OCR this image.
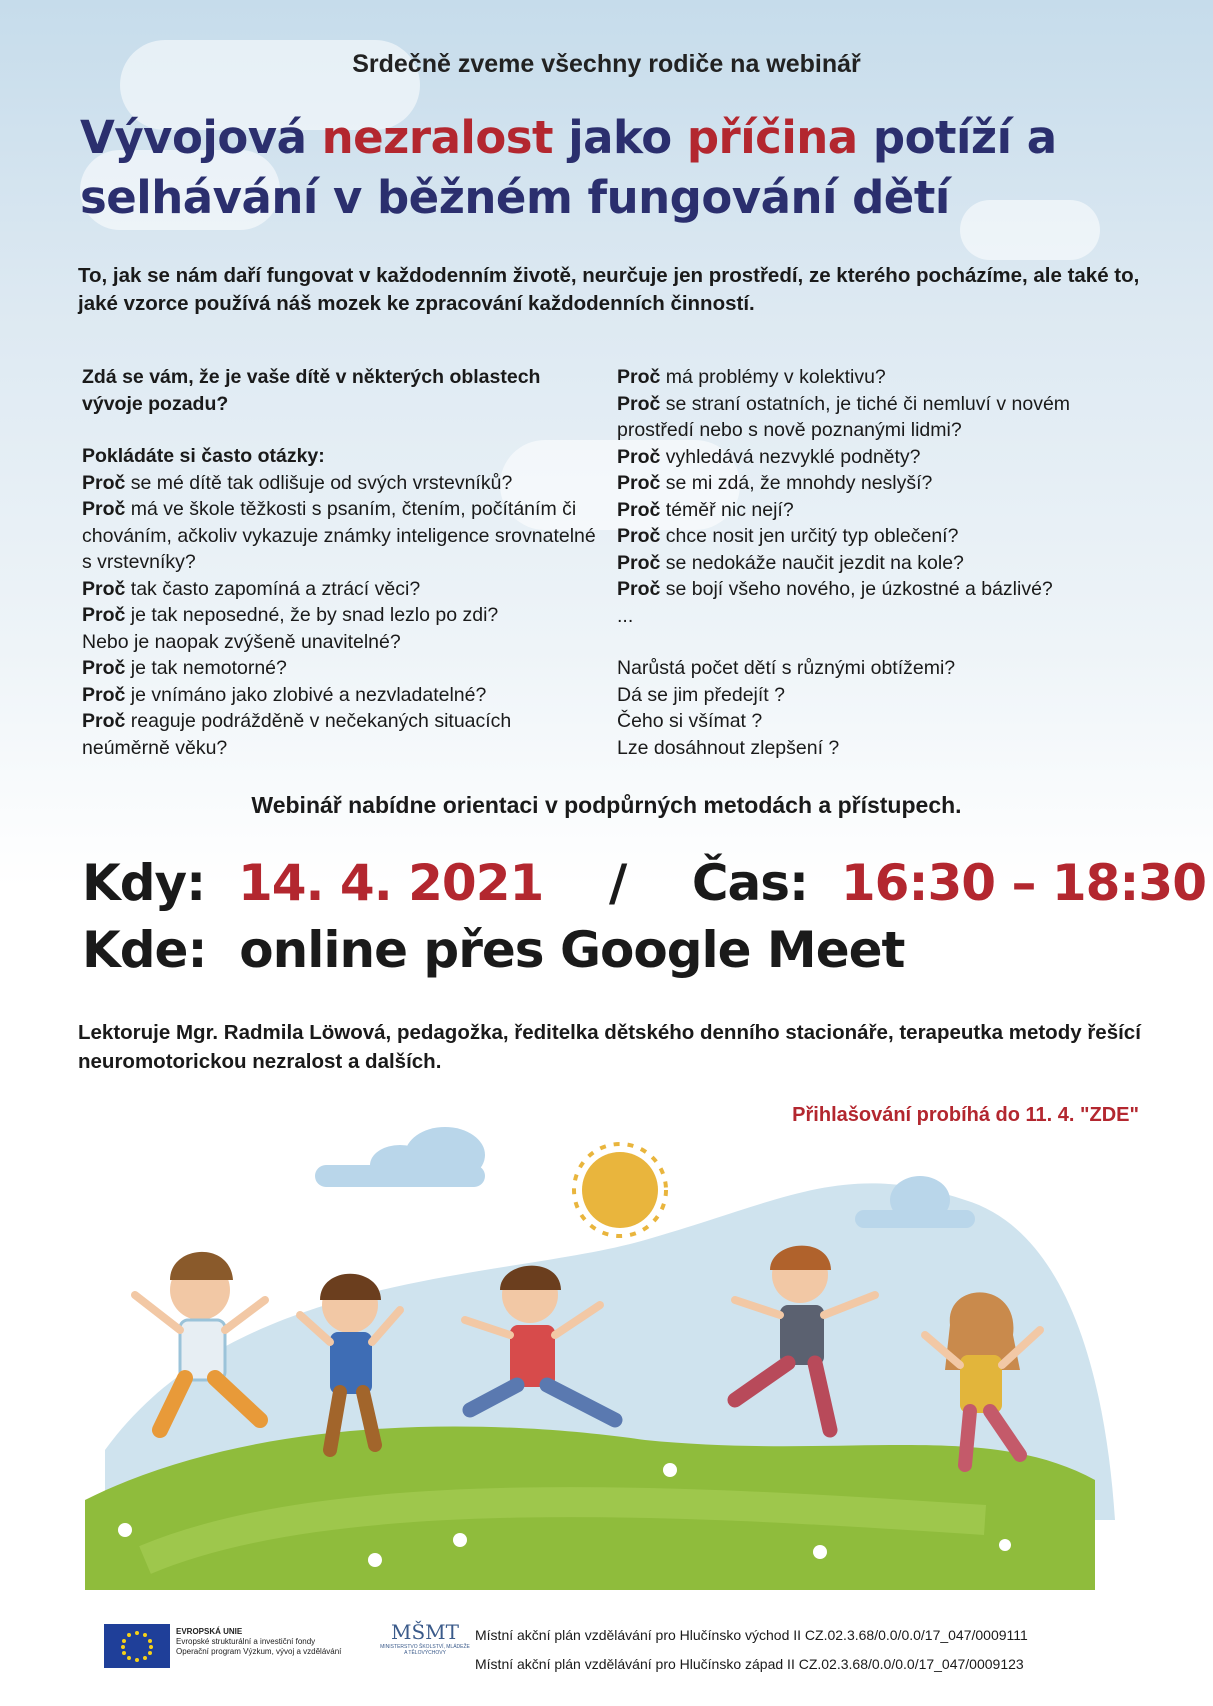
Srdečně zveme všechny rodiče na webinář
Vývojová nezralost jako příčina potíží a selhávání v běžném fungování dětí
To, jak se nám daří fungovat v každodenním životě, neurčuje jen prostředí, ze kterého pocházíme, ale také to, jaké vzorce používá náš mozek ke zpracování každodenních činností.

Zdá se vám, že je vaše dítě v některých oblastech vývoje pozadu?

Pokládáte si často otázky:

Proč se mé dítě tak odlišuje od svých vrstevníků?

Proč má ve škole těžkosti s psaním, čtením, počítáním či chováním, ačkoliv vykazuje známky inteligence srovnatelné s vrstevníky?

Proč tak často zapomíná a ztrácí věci?

Proč je tak neposedné, že by snad lezlo po zdi?

Nebo je naopak zvýšeně unavitelné?

Proč je tak nemotorné?

Proč je vnímáno jako zlobivé a nezvladatelné?

Proč reaguje podrážděně v nečekaných situacích neúměrně věku?

Proč má problémy v kolektivu?

Proč se straní ostatních, je tiché či nemluví v novém prostředí nebo s nově poznanými lidmi?

Proč vyhledává nezvyklé podněty?

Proč se mi zdá, že mnohdy neslyší?

Proč téměř nic nejí?

Proč chce nosit jen určitý typ oblečení?

Proč se nedokáže naučit jezdit na kole?

Proč se bojí všeho nového, je úzkostné a bázlivé?

...

Narůstá počet dětí s různými obtížemi?

Dá se jim předejít ?

Čeho si všímat ?

Lze dosáhnout zlepšení ?

Webinář nabídne orientaci v podpůrných metodách a přístupech.
Kdy: 14. 4. 2021 / Čas: 16:30 – 18:30
Kde: online přes Google Meet
Lektoruje Mgr. Radmila Löwová, pedagožka, ředitelka dětského denního stacionáře, terapeutka metody řešící neuromotorickou nezralost a dalších.
Přihlašování probíhá do 11. 4. "ZDE"
EVROPSKÁ UNIE
Evropské strukturální a investiční fondy
Operační program Výzkum, vývoj a vzdělávání
MŠMT
MINISTERSTVO ŠKOLSTVÍ, MLÁDEŽE A TĚLOVÝCHOVY
Místní akční plán vzdělávání pro Hlučínsko východ II CZ.02.3.68/0.0/0.0/17_047/0009111
Místní akční plán vzdělávání pro Hlučínsko západ II CZ.02.3.68/0.0/0.0/17_047/0009123
